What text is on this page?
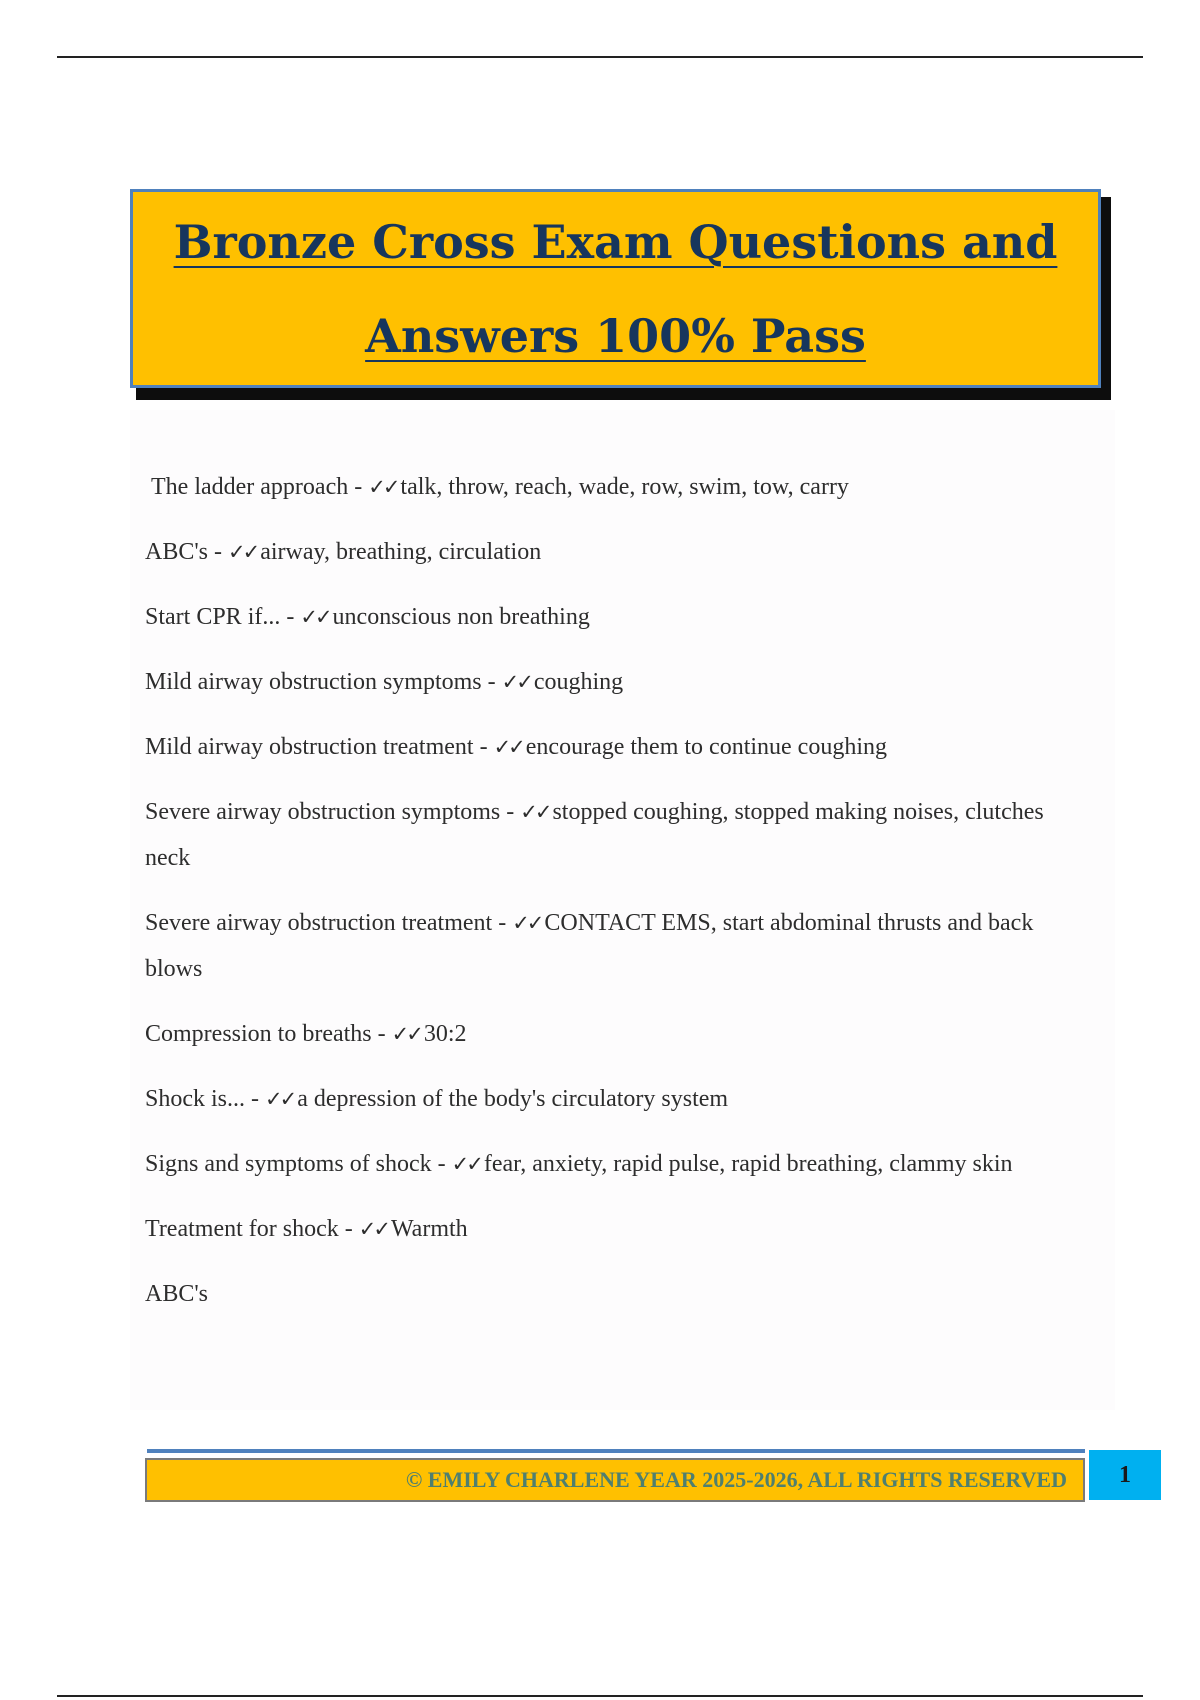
Bronze Cross Exam Questions and
Answers 100% Pass
The ladder approach - ✓✓ talk, throw, reach, wade, row, swim, tow, carry
ABC's - ✓✓ airway, breathing, circulation
Start CPR if... - ✓✓ unconscious non breathing
Mild airway obstruction symptoms - ✓✓ coughing
Mild airway obstruction treatment - ✓✓ encourage them to continue coughing
Severe airway obstruction symptoms - ✓✓ stopped coughing, stopped making noises, clutches neck
Severe airway obstruction treatment - ✓✓ CONTACT EMS, start abdominal thrusts and back blows
Compression to breaths - ✓✓ 30:2
Shock is... - ✓✓ a depression of the body's circulatory system
Signs and symptoms of shock - ✓✓ fear, anxiety, rapid pulse, rapid breathing, clammy skin
Treatment for shock - ✓✓ Warmth
ABC's
© EMILY CHARLENE YEAR 2025-2026, ALL RIGHTS RESERVED	1
